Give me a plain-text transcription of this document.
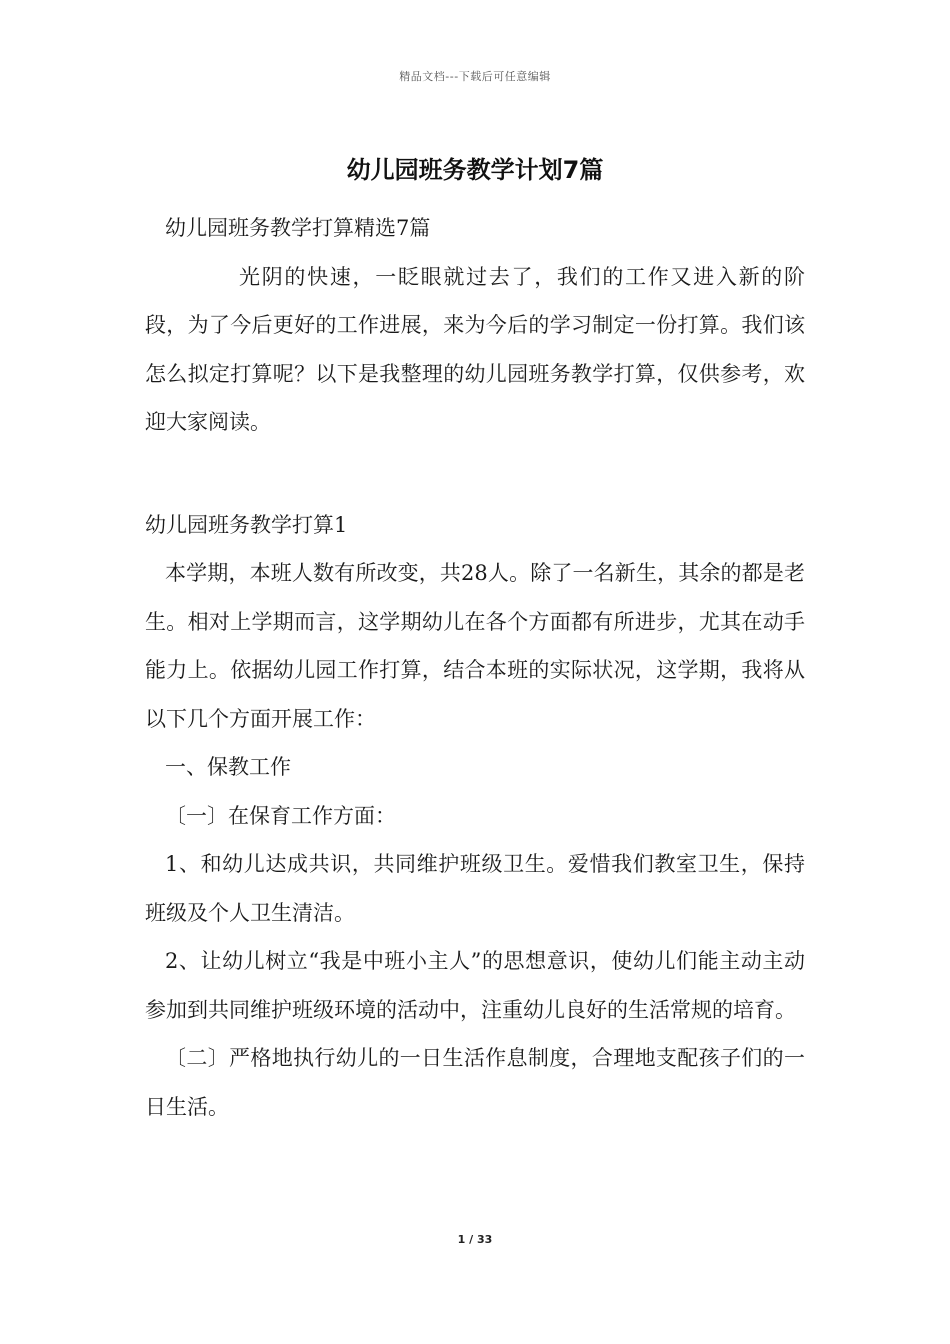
精品文档---下载后可任意编辑
幼儿园班务教学计划7篇

幼儿园班务教学打算精选7篇

光阴的快速，一眨眼就过去了，我们的工作又进入新的阶段，为了今后更好的工作进展，来为今后的学习制定一份打算。我们该怎么拟定打算呢？以下是我整理的幼儿园班务教学打算，仅供参考，欢迎大家阅读。

幼儿园班务教学打算1

本学期，本班人数有所改变，共28人。除了一名新生，其余的都是老生。相对上学期而言，这学期幼儿在各个方面都有所进步，尤其在动手能力上。依据幼儿园工作打算，结合本班的实际状况，这学期，我将从以下几个方面开展工作：

一、保教工作

〔一〕在保育工作方面：

1、和幼儿达成共识，共同维护班级卫生。爱惜我们教室卫生，保持班级及个人卫生清洁。

2、让幼儿树立“我是中班小主人”的思想意识，使幼儿们能主动主动参加到共同维护班级环境的活动中，注重幼儿良好的生活常规的培育。

〔二〕严格地执行幼儿的一日生活作息制度，合理地支配孩子们的一日生活。

1 / 33
